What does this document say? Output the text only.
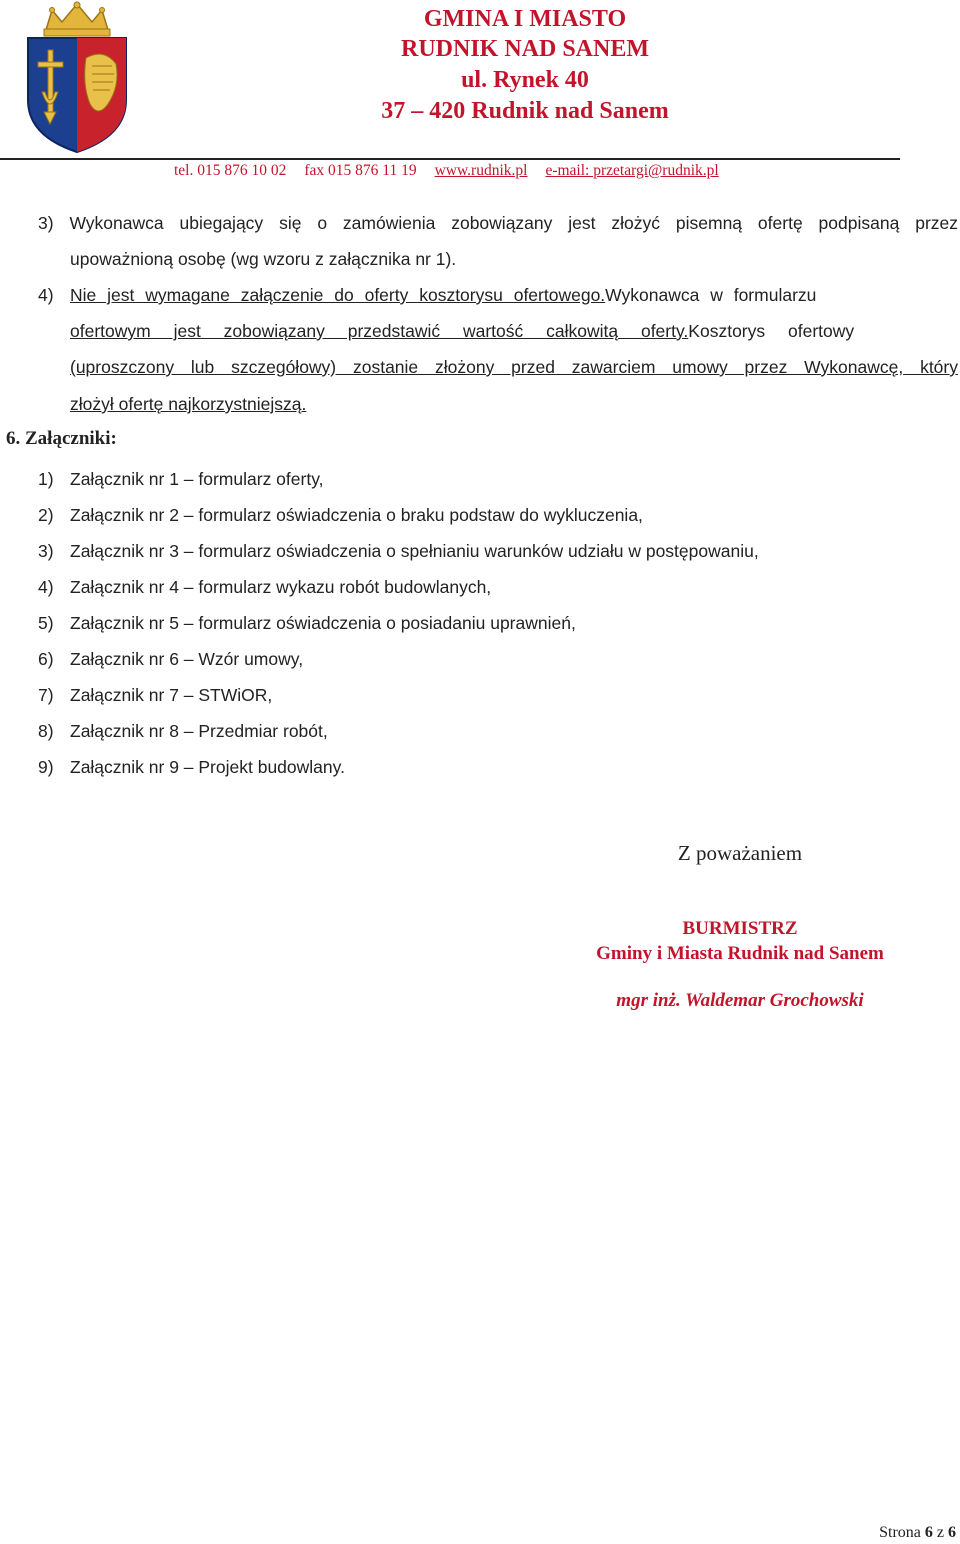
GMINA I MIASTO
RUDNIK NAD SANEM
ul. Rynek 40
37 – 420 Rudnik nad Sanem
tel. 015 876 10 02 fax 015 876 11 19 www.rudnik.pl e-mail: przetargi@rudnik.pl
3) Wykonawca ubiegający się o zamówienia zobowiązany jest złożyć pisemną ofertę podpisaną przez
upoważnioną osobę (wg wzoru z załącznika nr 1).
4) Nie jest wymagane załączenie do oferty kosztorysu ofertowego. Wykonawca w formularzu
ofertowym jest zobowiązany przedstawić wartość całkowitą oferty. Kosztorys ofertowy
(uproszczony lub szczegółowy) zostanie złożony przed zawarciem umowy przez Wykonawcę, który
złożył ofertę najkorzystniejszą.
6. Załączniki:
1) Załącznik nr 1 – formularz oferty,
2) Załącznik nr 2 – formularz oświadczenia o braku podstaw do wykluczenia,
3) Załącznik nr 3 – formularz oświadczenia o spełnianiu warunków udziału w postępowaniu,
4) Załącznik nr 4 – formularz wykazu robót budowlanych,
5) Załącznik nr 5 – formularz oświadczenia o posiadaniu uprawnień,
6) Załącznik nr 6 – Wzór umowy,
7) Załącznik nr 7 – STWiOR,
8) Załącznik nr 8 – Przedmiar robót,
9) Załącznik nr 9 – Projekt budowlany.
Z poważaniem
BURMISTRZ
Gminy i Miasta Rudnik nad Sanem
mgr inż. Waldemar Grochowski
Strona 6 z 6
